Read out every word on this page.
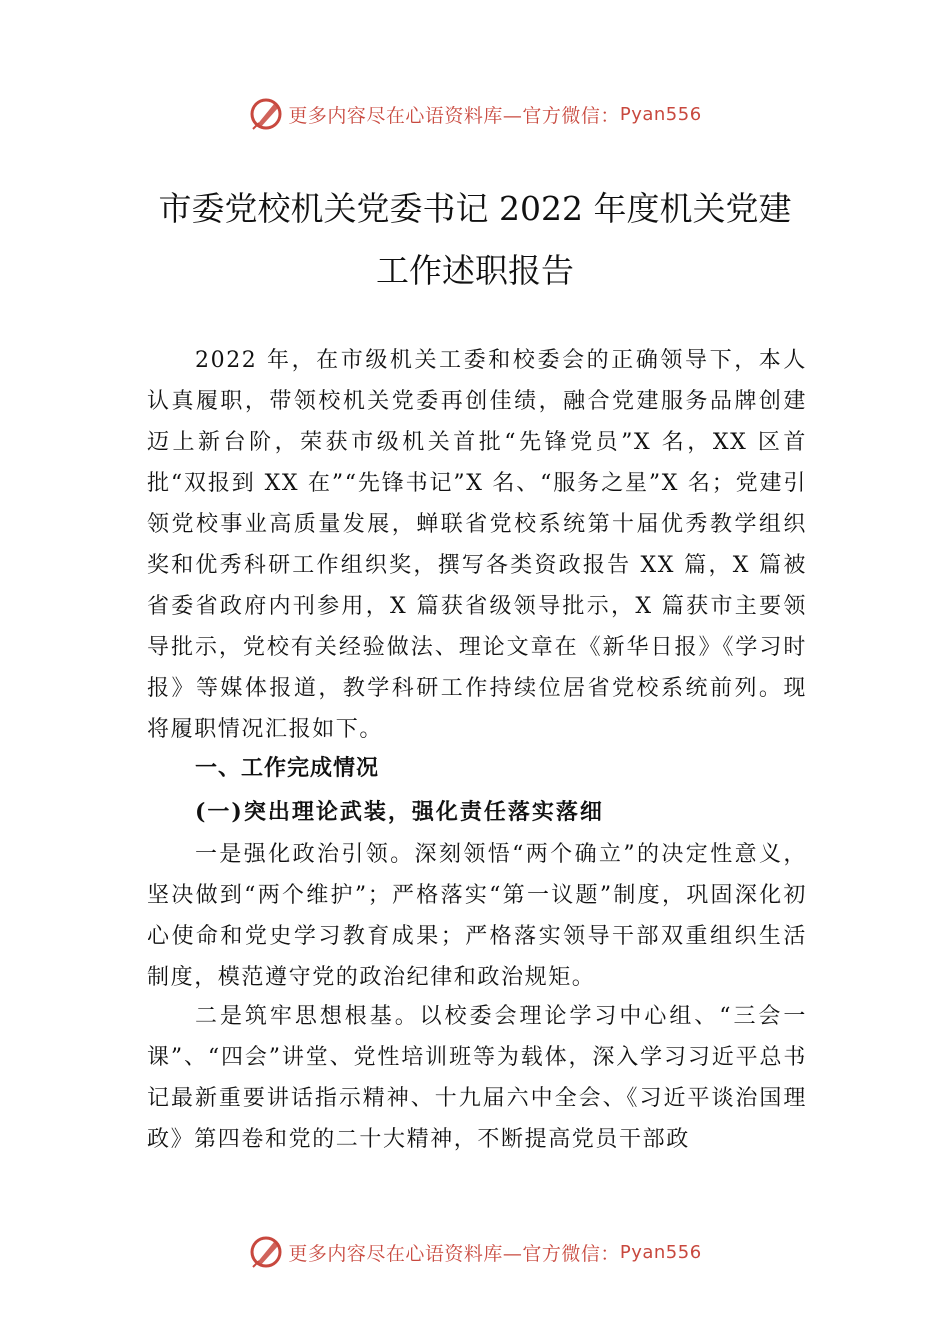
更多内容尽在心语资料库—官方微信： Pyan556
市委党校机关党委书记 2022 年度机关党建
工作述职报告
2022 年，在市级机关工委和校委会的正确领导下，本人认真履职，带领校机关党委再创佳绩，融合党建服务品牌创建迈上新台阶，荣获市级机关首批“先锋党员”X 名，XX 区首批“双报到 XX 在”“先锋书记”X 名、“服务之星”X 名；党建引领党校事业高质量发展，蝉联省党校系统第十届优秀教学组织奖和优秀科研工作组织奖，撰写各类资政报告 XX 篇，X 篇被省委省政府内刊参用，X 篇获省级领导批示，X 篇获市主要领导批示，党校有关经验做法、理论文章在《新华日报》《学习时报》等媒体报道，教学科研工作持续位居省党校系统前列。现将履职情况汇报如下。
一、工作完成情况
(一)突出理论武装，强化责任落实落细
一是强化政治引领。深刻领悟“两个确立”的决定性意义，坚决做到“两个维护”；严格落实“第一议题”制度，巩固深化初心使命和党史学习教育成果；严格落实领导干部双重组织生活制度，模范遵守党的政治纪律和政治规矩。
二是筑牢思想根基。以校委会理论学习中心组、“三会一课”、“四会”讲堂、党性培训班等为载体，深入学习习近平总书记最新重要讲话指示精神、十九届六中全会、《习近平谈治国理政》第四卷和党的二十大精神，不断提高党员干部政
更多内容尽在心语资料库—官方微信： Pyan556
